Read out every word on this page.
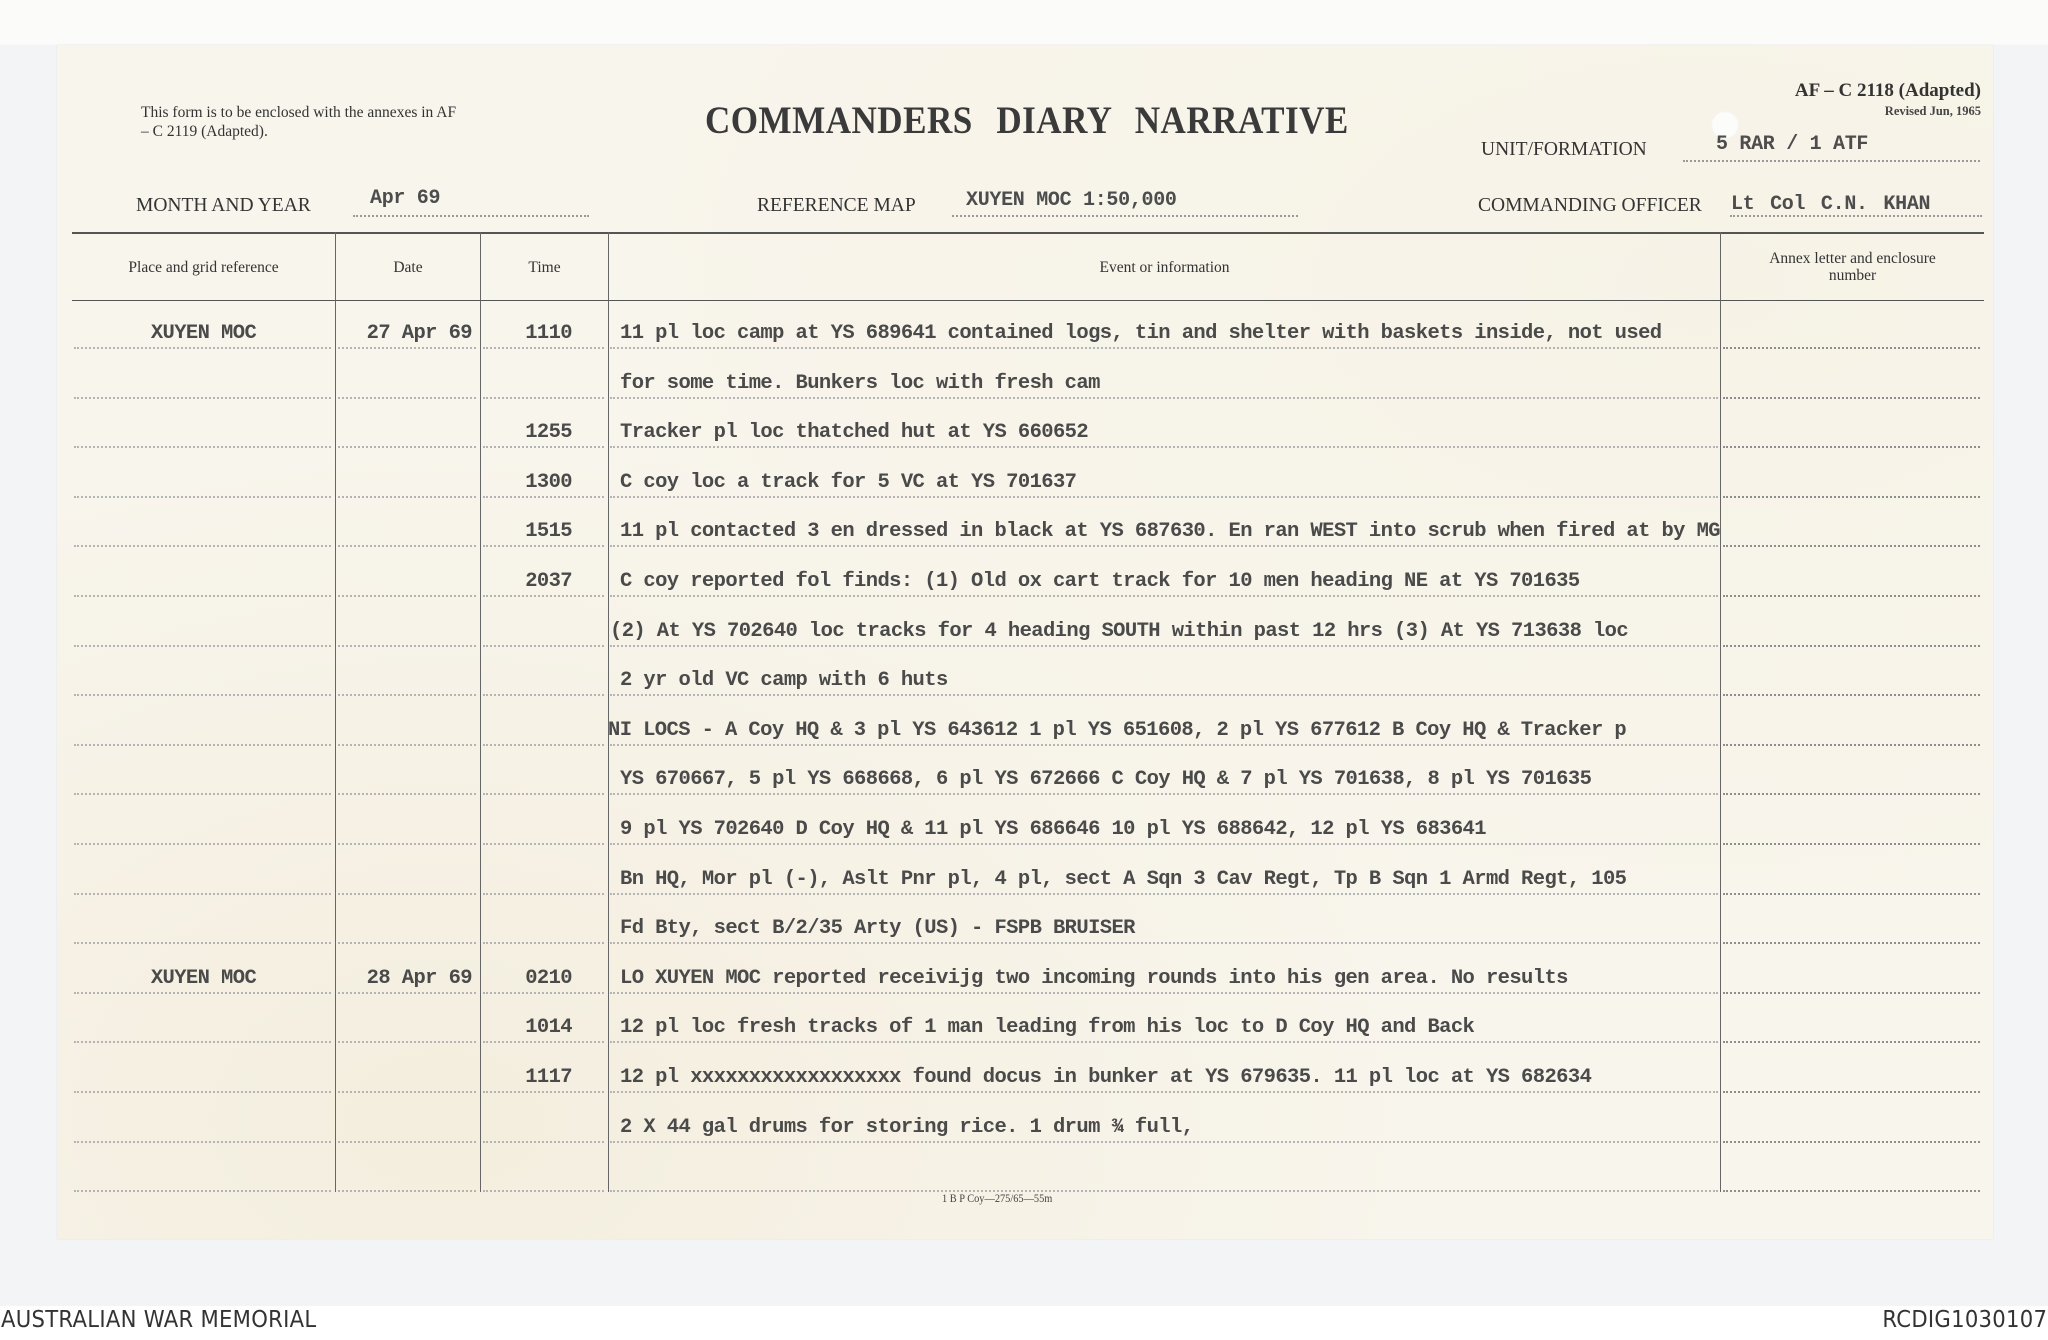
This form is to be enclosed with the annexes in AF – C 2119 (Adapted).	COMMANDERS DIARY NARRATIVE
AF – C 2118 (Adapted)
Revised Jun, 1965
UNIT/FORMATION	5 RAR / 1 ATF
MONTH AND YEAR	Apr 69	REFERENCE MAP	XUYEN MOC 1:50,000	COMMANDING OFFICER Lt Col C.N. KHAN
Place and grid reference	Date	Time	Event or information	Annex letter and enclosure number
XUYEN MOC	27 Apr 69	1110 11 pl loc camp at YS 689641 contained logs, tin and shelter with baskets inside, not used
for some time. Bunkers loc with fresh cam
1255 Tracker pl loc thatched hut at YS 660652
1300 C coy loc a track for 5 VC at YS 701637
1515 11 pl contacted 3 en dressed in black at YS 687630. En ran WEST into scrub when fired at by MG
2037 C coy reported fol finds: (1) Old ox cart track for 10 men heading NE at YS 701635
(2) At YS 702640 loc tracks for 4 heading SOUTH within past 12 hrs (3) At YS 713638 loc
2 yr old VC camp with 6 huts
NI LOCS - A Coy HQ & 3 pl YS 643612 1 pl YS 651608, 2 pl YS 677612 B Coy HQ & Tracker p
YS 670667, 5 pl YS 668668, 6 pl YS 672666 C Coy HQ & 7 pl YS 701638, 8 pl YS 701635
9 pl YS 702640 D Coy HQ & 11 pl YS 686646 10 pl YS 688642, 12 pl YS 683641
Bn HQ, Mor pl (-), Aslt Pnr pl, 4 pl, sect A Sqn 3 Cav Regt, Tp B Sqn 1 Armd Regt, 105
Fd Bty, sect B/2/35 Arty (US) - FSPB BRUISER
XUYEN MOC	28 Apr 69	0210 LO XUYEN MOC reported receivijg two incoming rounds into his gen area. No results
1014 12 pl loc fresh tracks of 1 man leading from his loc to D Coy HQ and Back
1117 12 pl xxxxxxxxxxxxxxxxxx found docus in bunker at YS 679635. 11 pl loc at YS 682634
2 X 44 gal drums for storing rice. 1 drum ¾ full,
1 B P Coy—275/65—55m
AUSTRALIAN WAR MEMORIAL	RCDIG1030107
